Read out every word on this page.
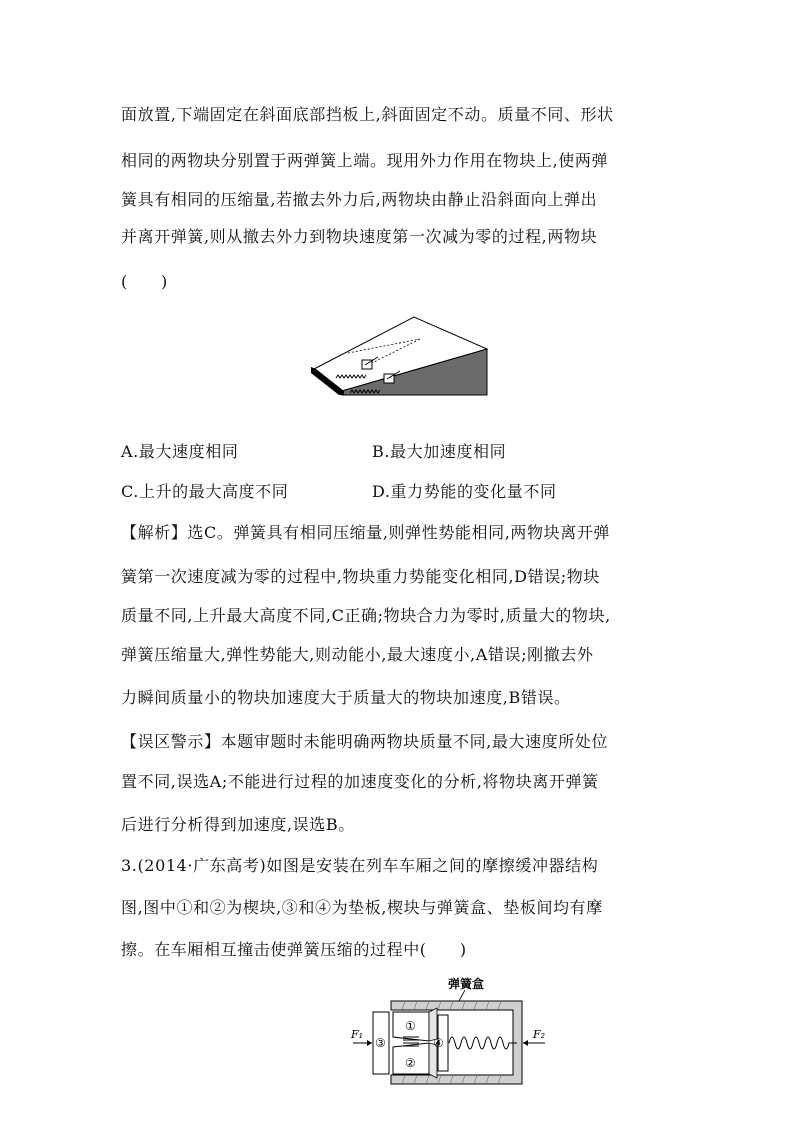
面放置,下端固定在斜面底部挡板上,斜面固定不动。质量不同、形状
相同的两物块分别置于两弹簧上端。现用外力作用在物块上,使两弹
簧具有相同的压缩量,若撤去外力后,两物块由静止沿斜面向上弹出
并离开弹簧,则从撤去外力到物块速度第一次减为零的过程,两物块
(　　)
A.最大速度相同	B.最大加速度相同
C.上升的最大高度不同	D.重力势能的变化量不同
【解析】选C。弹簧具有相同压缩量,则弹性势能相同,两物块离开弹
簧第一次速度减为零的过程中,物块重力势能变化相同,D错误;物块
质量不同,上升最大高度不同,C正确;物块合力为零时,质量大的物块,
弹簧压缩量大,弹性势能大,则动能小,最大速度小,A错误;刚撤去外
力瞬间质量小的物块加速度大于质量大的物块加速度,B错误。
【误区警示】本题审题时未能明确两物块质量不同,最大速度所处位
置不同,误选A;不能进行过程的加速度变化的分析,将物块离开弹簧
后进行分析得到加速度,误选B。
3.(2014·广东高考)如图是安装在列车车厢之间的摩擦缓冲器结构
图,图中①和②为楔块,③和④为垫板,楔块与弹簧盒、垫板间均有摩
擦。在车厢相互撞击使弹簧压缩的过程中(　　)
弹簧盒
①
②
③	④
F₁	F₂
